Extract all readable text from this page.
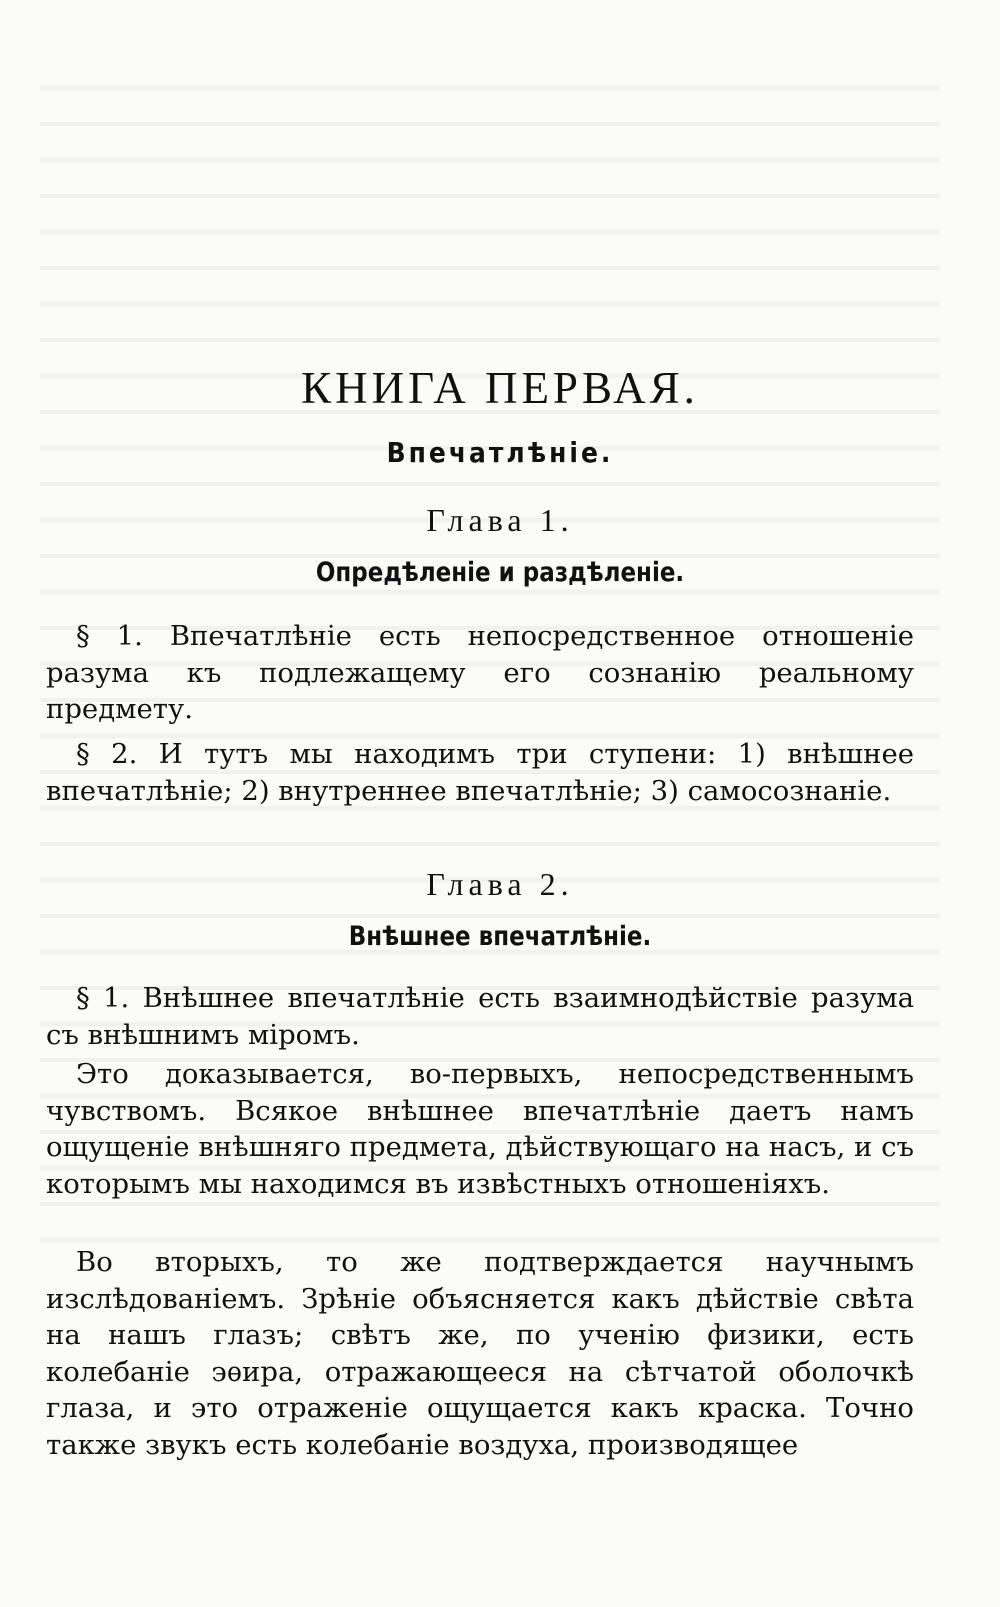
КНИГА ПЕРВАЯ.
Впечатлѣніе.
Глава 1.
Опредѣленіе и раздѣленіе.

§ 1. Впечатлѣніе есть непосредственное отношеніе разума къ подлежащему его сознанію реальному предмету.

§ 2. И тутъ мы находимъ три ступени: 1) внѣшнее впечатлѣніе; 2) внутреннее впечатлѣніе; 3) самосознаніе.

Глава 2.
Внѣшнее впечатлѣніе.

§ 1. Внѣшнее впечатлѣніе есть взаимнодѣйствіе разума съ внѣшнимъ міромъ.

Это доказывается, во-первыхъ, непосредственнымъ чувствомъ. Всякое внѣшнее впечатлѣніе даетъ намъ ощущеніе внѣшняго предмета, дѣйствующаго на насъ, и съ которымъ мы находимся въ извѣстныхъ отношеніяхъ.

Во вторыхъ, то же подтверждается научнымъ изслѣдованіемъ. Зрѣніе объясняется какъ дѣйствіе свѣта на нашъ глазъ; свѣтъ же, по ученію физики, есть колебаніе эѳира, отражающееся на сѣтчатой оболочкѣ глаза, и это отраженіе ощущается какъ краска. Точно также звукъ есть колебаніе воздуха, производящее
